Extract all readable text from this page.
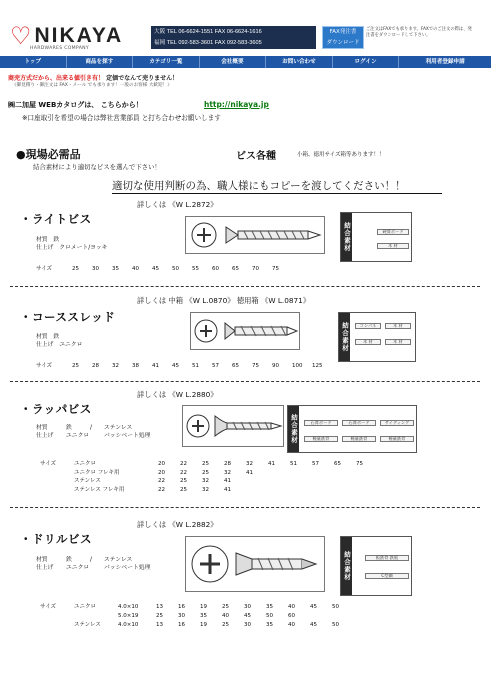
♡ NIKAYA
HARDWARES COMPANY
大阪 TEL 06-6624-1551 FAX 06-6624-1616
福岡 TEL 092-583-3601 FAX 092-583-3605
FAX発注書
ダウンロード
ご注文はFAXでも承ります。FAXでのご注文の際は、発注書をダウンロードして下さい。
トップ	商品を探す	カテゴリ一覧	会社概要	お問い合わせ	ログイン	利用者登録申請
商売方式だから、出来る値引き有！ 定価でなんて売りません！
《御見積り・御注文は FAX・メール でも承ります！一般のお客様 大歓迎！》
㈱二加屋 WEBカタログは、 こちらから！	http://nikaya.jp
※口座取引を希望の場合は弊社営業部員 と打ち合わせお願いします
●現場必需品	ビス各種	小箱、徳用サイズ箱等あります！！
結合素材により適切なビスを選んで下さい！
適切な使用判断の為、職人様にもコピーを渡してください！！
詳しくは 《W L.2872》
・ライトビス
材質  鉄
仕上げ  クロメート/ヨッキ	結合素材	硬質ボード
木 材
サイズ	25 30 35 40 45 50 55 60 65 70 75
詳しくは 中箱 《W L.0870》 徳用箱 《W L.0871》
・コーススレッド
材質  鉄
仕上げ  ユニクロ	結合素材	コンパネ	木 材
木 材	木 材
サイズ	25 28 32 38 41 45 51 57 65 75 90 100 125
詳しくは 《W L.2880》
・ラッパビス
材質	鉄	/ ステンレス
仕上げ ユニクロ	パッシベート処理	結合素材	石膏ボード	石膏ボード	サイディング
軽量鉄骨	軽量鉄骨	軽量鉄骨
サイズ	ユニクロ	20	22	25	28	32	41	51	57	65	75
ユニクロ フレキ用	20	22	25	32	41
ステンレス	22	25	32	41
ステンレス フレキ用	22	25	32	41
詳しくは 《W L.2882》
・ドリルビス
材質	鉄	/ ステンレス
仕上げ ユニクロ	パッシベート処理	結合素材	板鉄骨 鉄板
C型鋼
サイズ	ユニクロ	4.0×10	13	16	19	25	30	35	40	45	50
5.0×19	25	30	35	40	45	50	60
ステンレス	4.0×10	13	16	19	25	30	35	40	45	50
